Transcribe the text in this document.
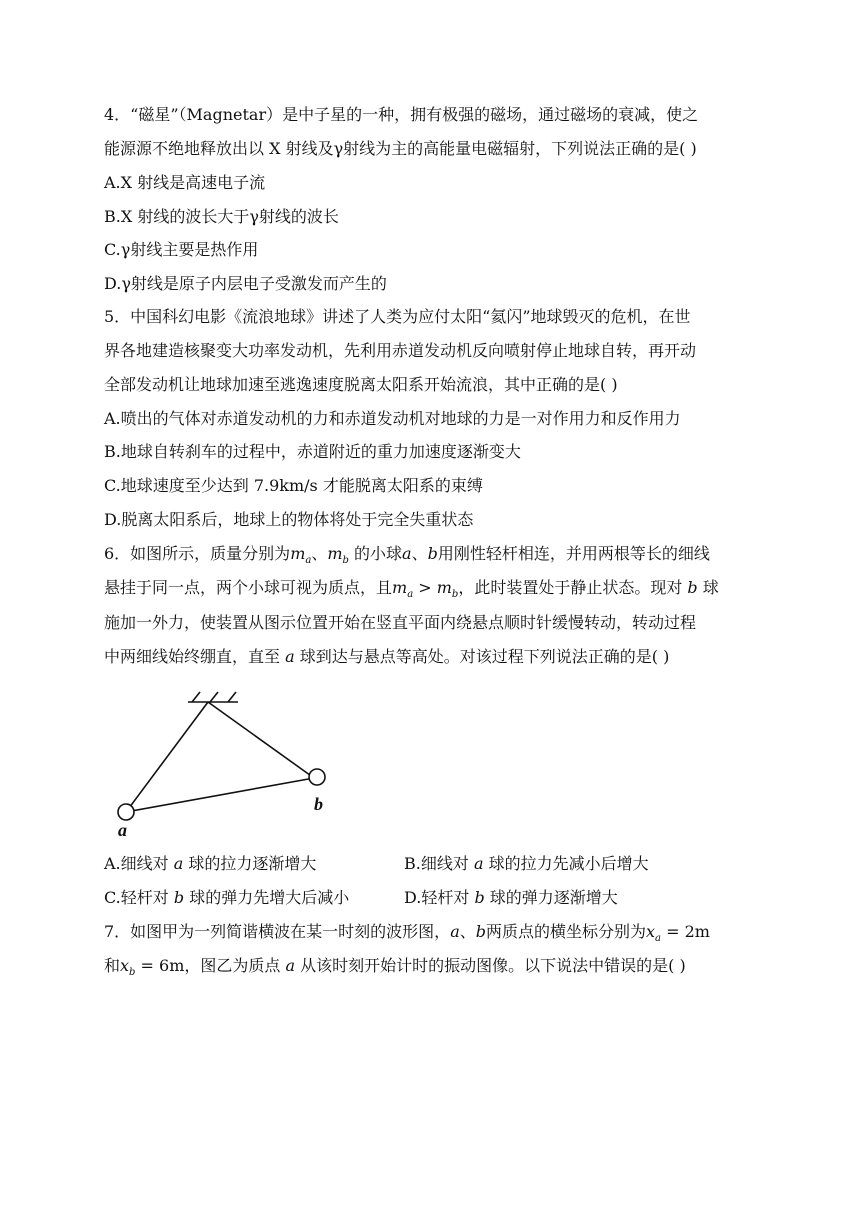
4．“磁星”（Magnetar）是中子星的一种，拥有极强的磁场，通过磁场的衰减，使之
能源源不绝地释放出以 X 射线及γ射线为主的高能量电磁辐射，下列说法正确的是( )
A.X 射线是高速电子流
B.X 射线的波长大于γ射线的波长
C.γ射线主要是热作用
D.γ射线是原子内层电子受激发而产生的
5．中国科幻电影《流浪地球》讲述了人类为应付太阳“氦闪”地球毁灭的危机，在世
界各地建造核聚变大功率发动机，先利用赤道发动机反向喷射停止地球自转，再开动
全部发动机让地球加速至逃逸速度脱离太阳系开始流浪，其中正确的是( )
A.喷出的气体对赤道发动机的力和赤道发动机对地球的力是一对作用力和反作用力
B.地球自转刹车的过程中，赤道附近的重力加速度逐渐变大
C.地球速度至少达到 7.9km/s 才能脱离太阳系的束缚
D.脱离太阳系后，地球上的物体将处于完全失重状态
6．如图所示，质量分别为$m_a$、$m_b$ 的小球a、b用刚性轻杆相连，并用两根等长的细线
悬挂于同一点，两个小球可视为质点，且$m_a > m_b$，此时装置处于静止状态。现对 b 球
施加一外力，使装置从图示位置开始在竖直平面内绕悬点顺时针缓慢转动，转动过程
中两细线始终绷直，直至 a 球到达与悬点等高处。对该过程下列说法正确的是( )
a
b
A.细线对 a 球的拉力逐渐增大	B.细线对 a 球的拉力先减小后增大
C.轻杆对 b 球的弹力先增大后减小	D.轻杆对 b 球的弹力逐渐增大
7．如图甲为一列简谐横波在某一时刻的波形图，a、b两质点的横坐标分别为$x_a = 2m$
和$x_b = 6m$，图乙为质点 a 从该时刻开始计时的振动图像。以下说法中错误的是( )
